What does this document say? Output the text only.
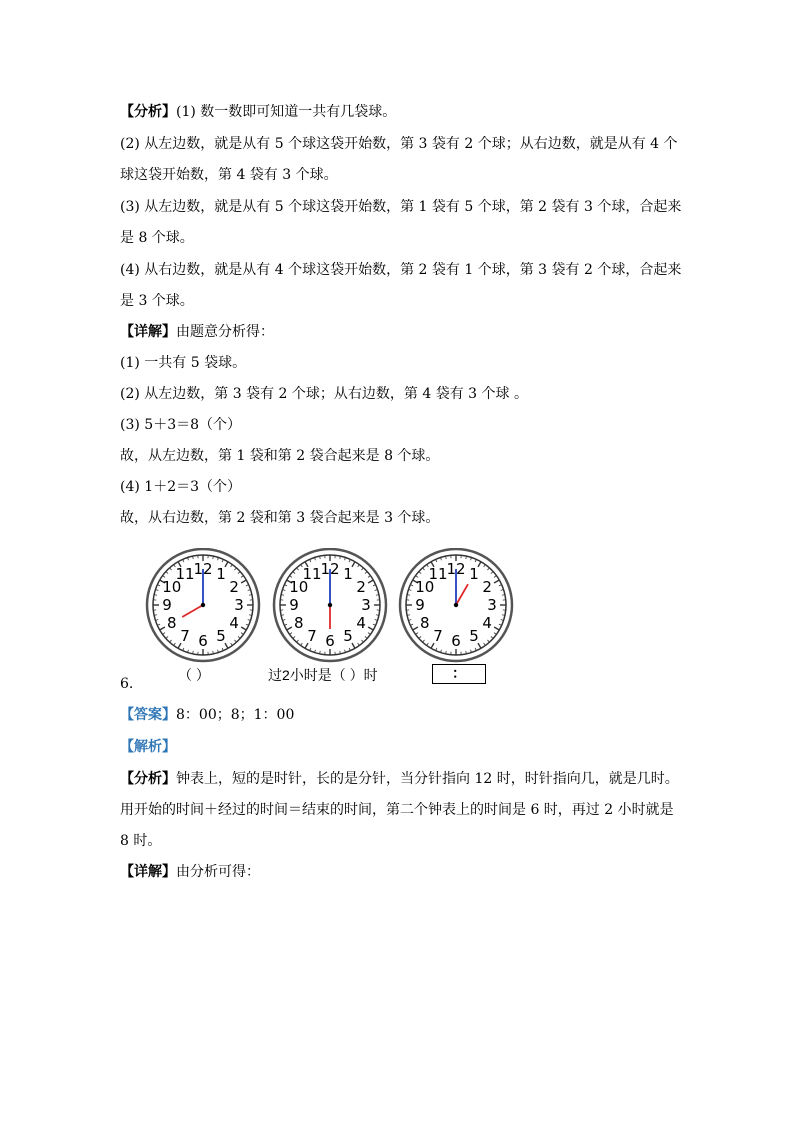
【分析】(1) 数一数即可知道一共有几袋球。
(2) 从左边数，就是从有 5 个球这袋开始数，第 3 袋有 2 个球；从右边数，就是从有 4 个
球这袋开始数，第 4 袋有 3 个球。
(3) 从左边数，就是从有 5 个球这袋开始数，第 1 袋有 5 个球，第 2 袋有 3 个球，合起来
是 8 个球。
(4) 从右边数，就是从有 4 个球这袋开始数，第 2 袋有 1 个球，第 3 袋有 2 个球，合起来
是 3 个球。
【详解】由题意分析得：
(1) 一共有 5 袋球。
(2) 从左边数，第 3 袋有 2 个球；从右边数，第 4 袋有 3 个球 。
(3) 5＋3＝8（个）
故，从左边数，第 1 袋和第 2 袋合起来是 8 个球。
(4) 1＋2＝3（个）
故，从右边数，第 2 袋和第 3 袋合起来是 3 个球。
12 1
2
3
4
5
6
7
8
9
10
11	12 1
2
3
4
5
6
7
8
9
10
11	12 1
2
3
4
5
6
7
8
9
10
11
（ ）	过2小时是（ ）时	：
6.
【答案】8：00；8；1：00
【解析】
【分析】钟表上，短的是时针，长的是分针，当分针指向 12 时，时针指向几，就是几时。
用开始的时间＋经过的时间＝结束的时间，第二个钟表上的时间是 6 时，再过 2 小时就是
8 时。
【详解】由分析可得：
